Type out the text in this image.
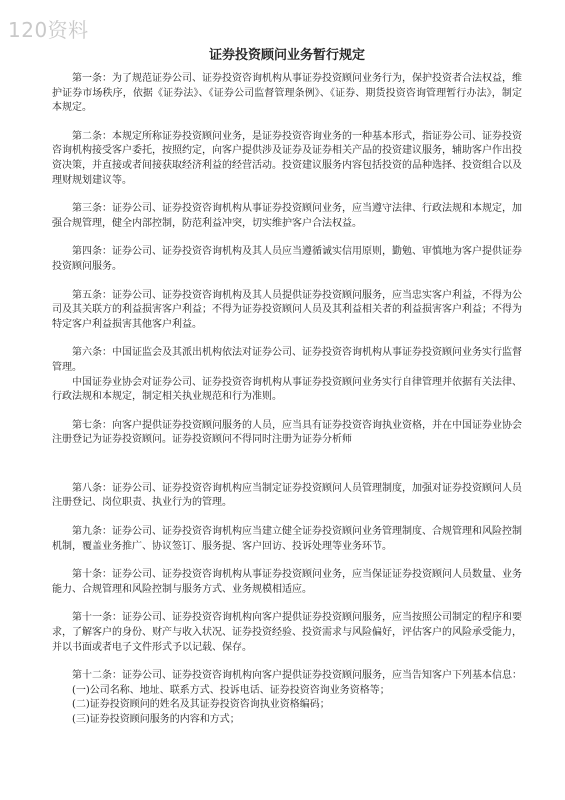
120资料
证券投资顾问业务暂行规定

第一条：为了规范证券公司、证券投资咨询机构从事证券投资顾问业务行为，保护投资者合法权益，维护证券市场秩序，依据《证券法》、《证券公司监督管理条例》、《证券、期货投资咨询管理暂行办法》，制定本规定。

第二条：本规定所称证券投资顾问业务，是证券投资咨询业务的一种基本形式，指证券公司、证券投资咨询机构接受客户委托，按照约定，向客户提供涉及证券及证券相关产品的投资建议服务，辅助客户作出投资决策，并直接或者间接获取经济利益的经营活动。投资建议服务内容包括投资的品种选择、投资组合以及理财规划建议等。

第三条：证券公司、证券投资咨询机构从事证券投资顾问业务，应当遵守法律、行政法规和本规定，加强合规管理，健全内部控制，防范利益冲突，切实维护客户合法权益。

第四条：证券公司、证券投资咨询机构及其人员应当遵循诚实信用原则，勤勉、审慎地为客户提供证券投资顾问服务。

第五条：证券公司、证券投资咨询机构及其人员提供证券投资顾问服务，应当忠实客户利益，不得为公司及其关联方的利益损害客户利益；不得为证券投资顾问人员及其利益相关者的利益损害客户利益；不得为特定客户利益损害其他客户利益。

第六条：中国证监会及其派出机构依法对证券公司、证券投资咨询机构从事证券投资顾问业务实行监督管理。

中国证券业协会对证券公司、证券投资咨询机构从事证券投资顾问业务实行自律管理并依据有关法律、行政法规和本规定，制定相关执业规范和行为准则。

第七条：向客户提供证券投资顾问服务的人员，应当具有证券投资咨询执业资格，并在中国证券业协会注册登记为证券投资顾问。证券投资顾问不得同时注册为证券分析师

第八条：证券公司、证券投资咨询机构应当制定证券投资顾问人员管理制度，加强对证券投资顾问人员注册登记、岗位职责、执业行为的管理。

第九条：证券公司、证券投资咨询机构应当建立健全证券投资顾问业务管理制度、合规管理和风险控制机制，覆盖业务推广、协议签订、服务提、客户回访、投诉处理等业务环节。

第十条：证券公司、证券投资咨询机构从事证券投资顾问业务，应当保证证券投资顾问人员数量、业务能力、合规管理和风险控制与服务方式、业务规模相适应。

第十一条：证券公司、证券投资咨询机构向客户提供证券投资顾问服务，应当按照公司制定的程序和要求，了解客户的身份、财产与收入状况、证券投资经验、投资需求与风险偏好，评估客户的风险承受能力，并以书面或者电子文件形式予以记载、保存。

第十二条：证券公司、证券投资咨询机构向客户提供证券投资顾问服务，应当告知客户下列基本信息：

(一)公司名称、地址、联系方式、投诉电话、证券投资咨询业务资格等；

(二)证券投资顾问的姓名及其证券投资咨询执业资格编码；

(三)证券投资顾问服务的内容和方式；
